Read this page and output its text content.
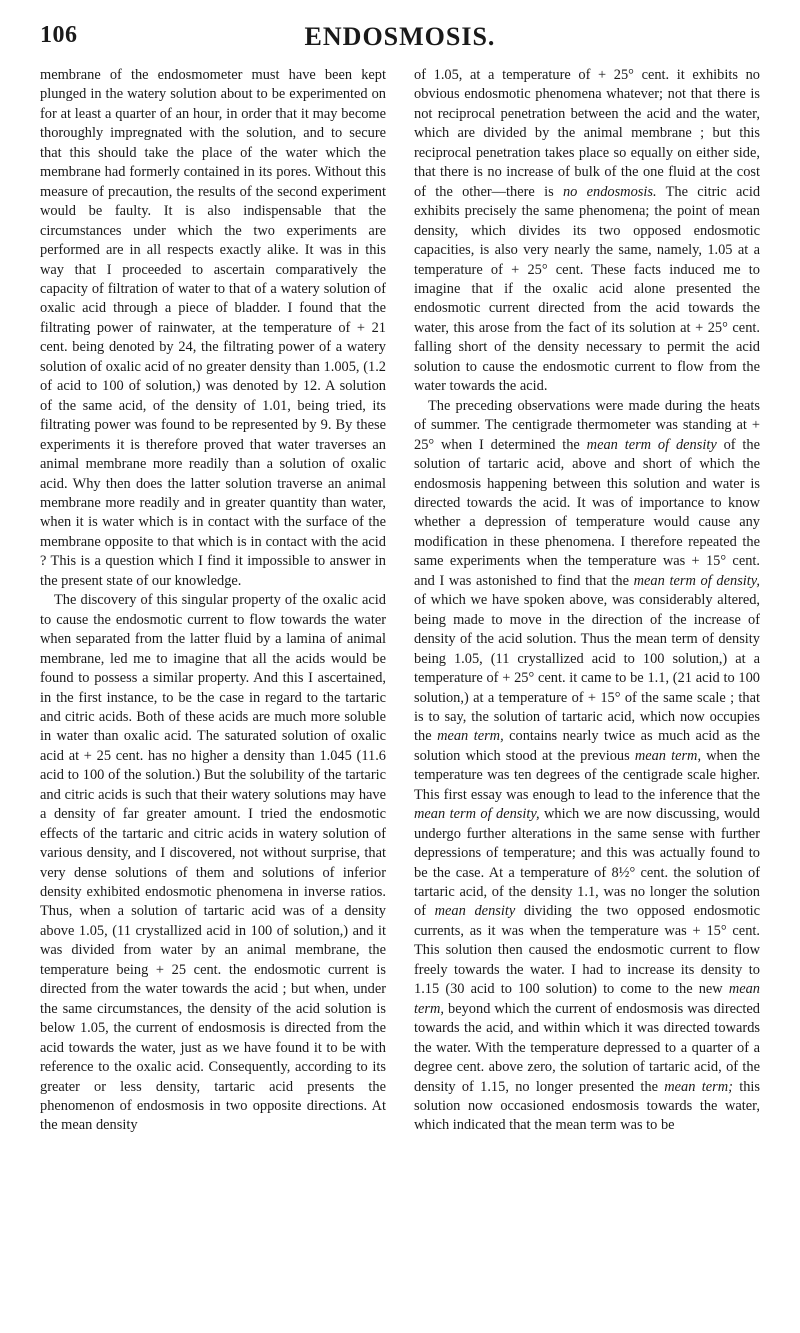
106	ENDOSMOSIS.

membrane of the endosmometer must have been kept plunged in the watery solution about to be experimented on for at least a quarter of an hour, in order that it may become thoroughly impregnated with the solution, and to secure that this should take the place of the water which the membrane had formerly contained in its pores. Without this measure of precaution, the results of the second experiment would be faulty. It is also indispensable that the circumstances under which the two experiments are performed are in all respects exactly alike. It was in this way that I proceeded to ascertain comparatively the capacity of filtration of water to that of a watery solution of oxalic acid through a piece of bladder. I found that the filtrating power of rainwater, at the temperature of + 21 cent. being denoted by 24, the filtrating power of a watery solution of oxalic acid of no greater density than 1.005, (1.2 of acid to 100 of solution,) was denoted by 12. A solution of the same acid, of the density of 1.01, being tried, its filtrating power was found to be represented by 9. By these experiments it is therefore proved that water traverses an animal membrane more readily than a solution of oxalic acid. Why then does the latter solution traverse an animal membrane more readily and in greater quantity than water, when it is water which is in contact with the surface of the membrane opposite to that which is in contact with the acid ? This is a question which I find it impossible to answer in the present state of our knowledge.

The discovery of this singular property of the oxalic acid to cause the endosmotic current to flow towards the water when separated from the latter fluid by a lamina of animal membrane, led me to imagine that all the acids would be found to possess a similar property. And this I ascertained, in the first instance, to be the case in regard to the tartaric and citric acids. Both of these acids are much more soluble in water than oxalic acid. The saturated solution of oxalic acid at + 25 cent. has no higher a density than 1.045 (11.6 acid to 100 of the solution.) But the solubility of the tartaric and citric acids is such that their watery solutions may have a density of far greater amount. I tried the endosmotic effects of the tartaric and citric acids in watery solution of various density, and I discovered, not without surprise, that very dense solutions of them and solutions of inferior density exhibited endosmotic phenomena in inverse ratios. Thus, when a solution of tartaric acid was of a density above 1.05, (11 crystallized acid in 100 of solution,) and it was divided from water by an animal membrane, the temperature being + 25 cent. the endosmotic current is directed from the water towards the acid ; but when, under the same circumstances, the density of the acid solution is below 1.05, the current of endosmosis is directed from the acid towards the water, just as we have found it to be with reference to the oxalic acid. Consequently, according to its greater or less density, tartaric acid presents the phenomenon of endosmosis in two opposite directions. At the mean density

of 1.05, at a temperature of + 25° cent. it exhibits no obvious endosmotic phenomena whatever; not that there is not reciprocal penetration between the acid and the water, which are divided by the animal membrane ; but this reciprocal penetration takes place so equally on either side, that there is no increase of bulk of the one fluid at the cost of the other—there is no endosmosis. The citric acid exhibits precisely the same phenomena; the point of mean density, which divides its two opposed endosmotic capacities, is also very nearly the same, namely, 1.05 at a temperature of + 25° cent. These facts induced me to imagine that if the oxalic acid alone presented the endosmotic current directed from the acid towards the water, this arose from the fact of its solution at + 25° cent. falling short of the density necessary to permit the acid solution to cause the endosmotic current to flow from the water towards the acid.

The preceding observations were made during the heats of summer. The centigrade thermometer was standing at + 25° when I determined the mean term of density of the solution of tartaric acid, above and short of which the endosmosis happening between this solution and water is directed towards the acid. It was of importance to know whether a depression of temperature would cause any modification in these phenomena. I therefore repeated the same experiments when the temperature was + 15° cent. and I was astonished to find that the mean term of density, of which we have spoken above, was considerably altered, being made to move in the direction of the increase of density of the acid solution. Thus the mean term of density being 1.05, (11 crystallized acid to 100 solution,) at a temperature of + 25° cent. it came to be 1.1, (21 acid to 100 solution,) at a temperature of + 15° of the same scale ; that is to say, the solution of tartaric acid, which now occupies the mean term, contains nearly twice as much acid as the solution which stood at the previous mean term, when the temperature was ten degrees of the centigrade scale higher. This first essay was enough to lead to the inference that the mean term of density, which we are now discussing, would undergo further alterations in the same sense with further depressions of temperature; and this was actually found to be the case. At a temperature of 8½° cent. the solution of tartaric acid, of the density 1.1, was no longer the solution of mean density dividing the two opposed endosmotic currents, as it was when the temperature was + 15° cent. This solution then caused the endosmotic current to flow freely towards the water. I had to increase its density to 1.15 (30 acid to 100 solution) to come to the new mean term, beyond which the current of endosmosis was directed towards the acid, and within which it was directed towards the water. With the temperature depressed to a quarter of a degree cent. above zero, the solution of tartaric acid, of the density of 1.15, no longer presented the mean term; this solution now occasioned endosmosis towards the water, which indicated that the mean term was to be
